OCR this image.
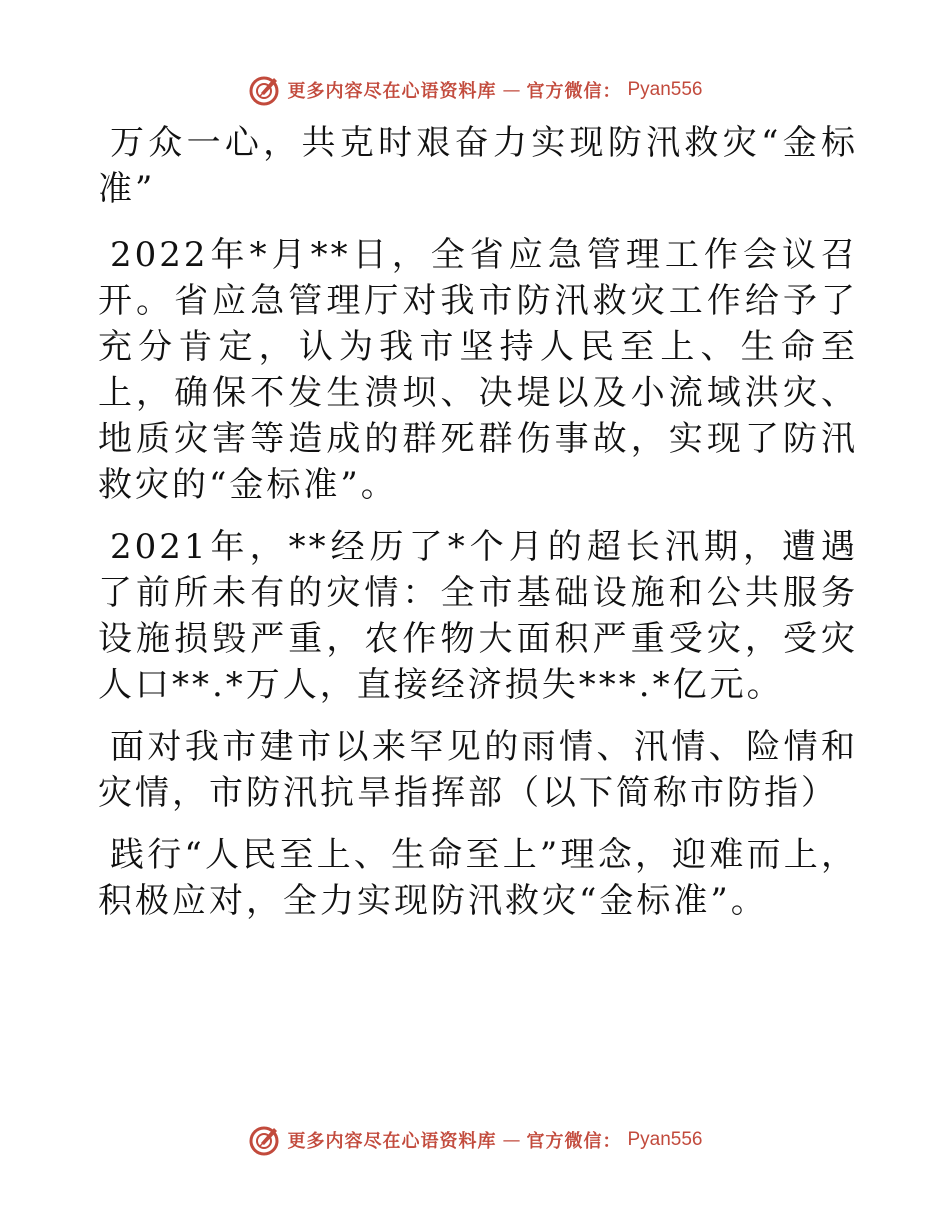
更多内容尽在心语资料库 — 官方微信： Pyan556

万众一心，共克时艰奋力实现防汛救灾“金标准”

2022年*月**日，全省应急管理工作会议召开。省应急管理厅对我市防汛救灾工作给予了充分肯定，认为我市坚持人民至上、生命至上，确保不发生溃坝、决堤以及小流域洪灾、地质灾害等造成的群死群伤事故，实现了防汛救灾的“金标准”。

2021年，**经历了*个月的超长汛期，遭遇了前所未有的灾情：全市基础设施和公共服务设施损毁严重，农作物大面积严重受灾，受灾人口**.*万人，直接经济损失***.*亿元。

面对我市建市以来罕见的雨情、汛情、险情和灾情，市防汛抗旱指挥部（以下简称市防指）

践行“人民至上、生命至上”理念，迎难而上，积极应对，全力实现防汛救灾“金标准”。

更多内容尽在心语资料库 — 官方微信： Pyan556
